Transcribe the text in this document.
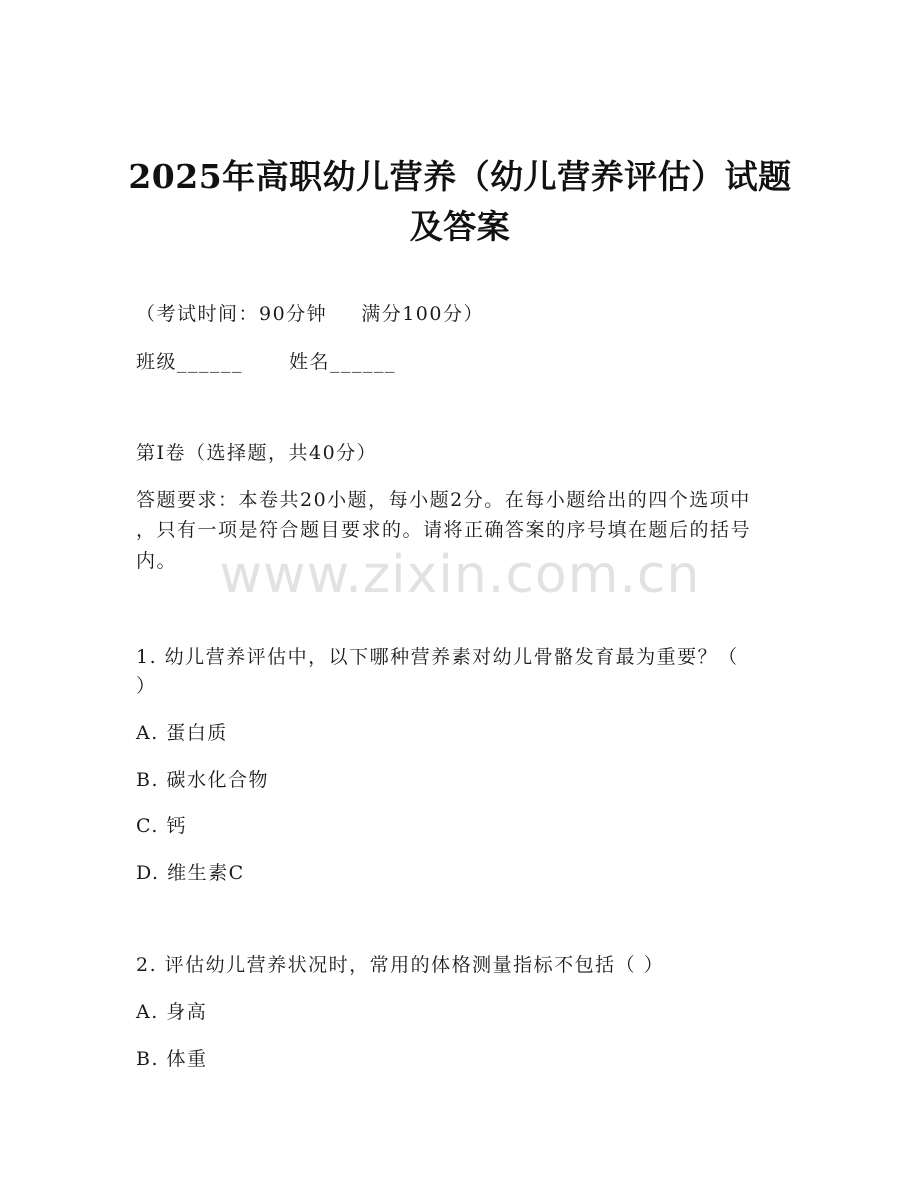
2025年高职幼儿营养（幼儿营养评估）试题
及答案
（考试时间：90分钟 满分100分）
班级______ 姓名______
第I卷（选择题，共40分）
答题要求：本卷共20小题，每小题2分。在每小题给出的四个选项中
，只有一项是符合题目要求的。请将正确答案的序号填在题后的括号
内。 www.zixin.com.cn
1. 幼儿营养评估中，以下哪种营养素对幼儿骨骼发育最为重要？（
）
A. 蛋白质
B. 碳水化合物
C. 钙
D. 维生素C
2. 评估幼儿营养状况时，常用的体格测量指标不包括（ ）
A. 身高
B. 体重
